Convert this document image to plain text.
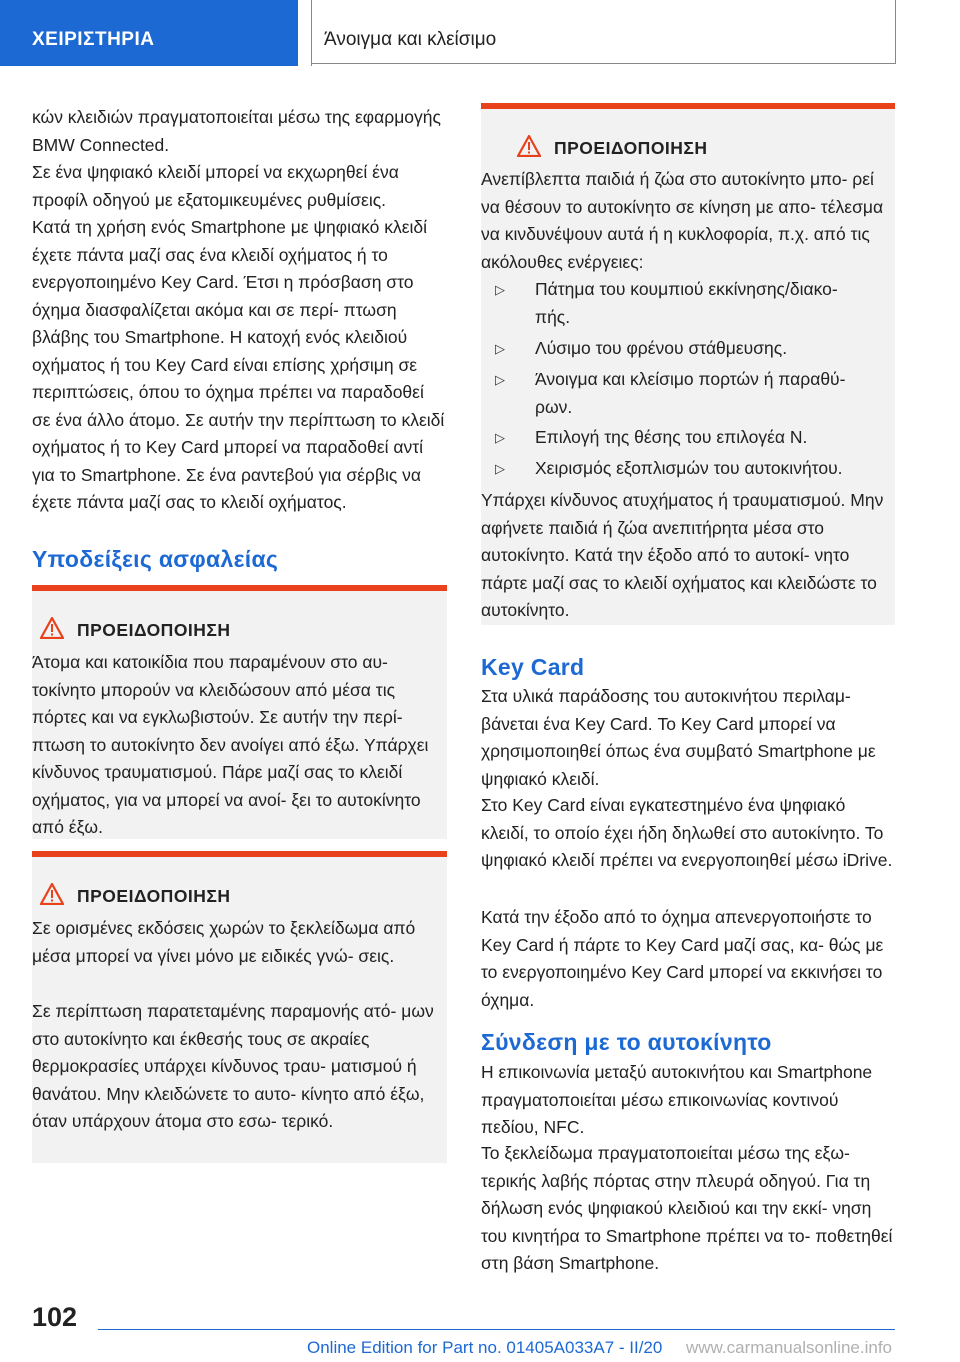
ΧΕΙΡΙΣΤΗΡΙΑ	Άνοιγμα και κλείσιμο

κών κλειδιών πραγματοποιείται μέσω της εφαρμογής BMW Connected.

Σε ένα ψηφιακό κλειδί μπορεί να εκχωρηθεί ένα προφίλ οδηγού με εξατομικευμένες ρυθμίσεις.

Κατά τη χρήση ενός Smartphone με ψηφιακό κλειδί έχετε πάντα μαζί σας ένα κλειδί οχήματος ή το ενεργοποιημένο Key Card. Έτσι η πρόσβαση στο όχημα διασφαλίζεται ακόμα και σε περί- πτωση βλάβης του Smartphone. Η κατοχή ενός κλειδιού οχήματος ή του Key Card είναι επίσης χρήσιμη σε περιπτώσεις, όπου το όχημα πρέπει να παραδοθεί σε ένα άλλο άτομο. Σε αυτήν την περίπτωση το κλειδί οχήματος ή το Key Card μπορεί να παραδοθεί αντί για το Smartphone. Σε ένα ραντεβού για σέρβις να έχετε πάντα μαζί σας το κλειδί οχήματος.

Υποδείξεις ασφαλείας
ΠΡΟΕΙΔΟΠΟΙΗΣΗ

Άτομα και κατοικίδια που παραμένουν στο αυ- τοκίνητο μπορούν να κλειδώσουν από μέσα τις πόρτες και να εγκλωβιστούν. Σε αυτήν την περί- πτωση το αυτοκίνητο δεν ανοίγει από έξω. Υπάρχει κίνδυνος τραυματισμού. Πάρε μαζί σας το κλειδί οχήματος, για να μπορεί να ανοί- ξει το αυτοκίνητο από έξω.

ΠΡΟΕΙΔΟΠΟΙΗΣΗ

Σε ορισμένες εκδόσεις χωρών το ξεκλείδωμα από μέσα μπορεί να γίνει μόνο με ειδικές γνώ- σεις.

Σε περίπτωση παρατεταμένης παραμονής ατό- μων στο αυτοκίνητο και έκθεσής τους σε ακραίες θερμοκρασίες υπάρχει κίνδυνος τραυ- ματισμού ή θανάτου. Μην κλειδώνετε το αυτο- κίνητο από έξω, όταν υπάρχουν άτομα στο εσω- τερικό.

ΠΡΟΕΙΔΟΠΟΙΗΣΗ

Ανεπίβλεπτα παιδιά ή ζώα στο αυτοκίνητο μπο- ρεί να θέσουν το αυτοκίνητο σε κίνηση με απο- τέλεσμα να κινδυνέψουν αυτά ή η κυκλοφορία, π.χ. από τις ακόλουθες ενέργειες:

▷ Πάτημα του κουμπιού εκκίνησης/διακο- πής.
▷ Λύσιμο του φρένου στάθμευσης.
▷ Άνοιγμα και κλείσιμο πορτών ή παραθύ- ρων.
▷ Επιλογή της θέσης του επιλογέα N.
▷ Χειρισμός εξοπλισμών του αυτοκινήτου.

Υπάρχει κίνδυνος ατυχήματος ή τραυματισμού. Μην αφήνετε παιδιά ή ζώα ανεπιτήρητα μέσα στο αυτοκίνητο. Κατά την έξοδο από το αυτοκί- νητο πάρτε μαζί σας το κλειδί οχήματος και κλειδώστε το αυτοκίνητο.

Key Card

Στα υλικά παράδοσης του αυτοκινήτου περιλαμ- βάνεται ένα Key Card. Το Key Card μπορεί να χρησιμοποιηθεί όπως ένα συμβατό Smartphone με ψηφιακό κλειδί.

Στο Key Card είναι εγκατεστημένο ένα ψηφιακό κλειδί, το οποίο έχει ήδη δηλωθεί στο αυτοκίνητο. Το ψηφιακό κλειδί πρέπει να ενεργοποιηθεί μέσω iDrive.

Κατά την έξοδο από το όχημα απενεργοποιήστε το Key Card ή πάρτε το Key Card μαζί σας, κα- θώς με το ενεργοποιημένο Key Card μπορεί να εκκινήσει το όχημα.

Σύνδεση με το αυτοκίνητο

Η επικοινωνία μεταξύ αυτοκινήτου και Smartphone πραγματοποιείται μέσω επικοινωνίας κοντινού πεδίου, NFC.

Το ξεκλείδωμα πραγματοποιείται μέσω της εξω- τερικής λαβής πόρτας στην πλευρά οδηγού. Για τη δήλωση ενός ψηφιακού κλειδιού και την εκκί- νηση του κινητήρα το Smartphone πρέπει να το- ποθετηθεί στη βάση Smartphone.

102
Online Edition for Part no. 01405A033A7 - II/20 www.carmanualsonline.info
